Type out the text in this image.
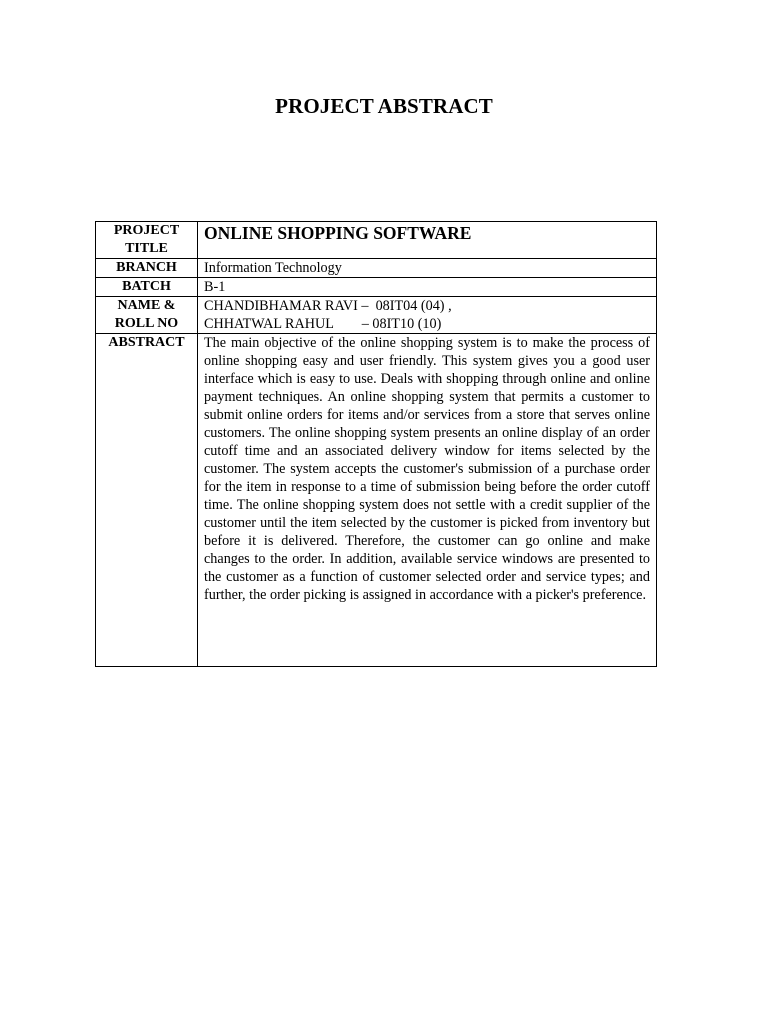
PROJECT ABSTRACT
PROJECT
TITLE	ONLINE SHOPPING SOFTWARE
BRANCH	Information Technology
BATCH	B-1

NAME &
ROLL NO	CHANDIBHAMAR RAVI –  08IT04 (04) ,
CHHATWAL RAHUL        – 08IT10 (10)

ABSTRACT	The main objective of the online shopping system is to make the process of online shopping easy and user friendly. This system gives you a good user interface which is easy to use. Deals with shopping through online and online payment techniques. An online shopping system that permits a customer to submit online orders for items and/or services from a store that serves online customers. The online shopping system presents an online display of an order cutoff time and an associated delivery window for items selected by the customer. The system accepts the customer's submission of a purchase order for the item in response to a time of submission being before the order cutoff time. The online shopping system does not settle with a credit supplier of the customer until the item selected by the customer is picked from inventory but before it is delivered. Therefore, the customer can go online and make changes to the order. In addition, available service windows are presented to the customer as a function of customer selected order and service types; and further, the order picking is assigned in accordance with a picker's preference.
